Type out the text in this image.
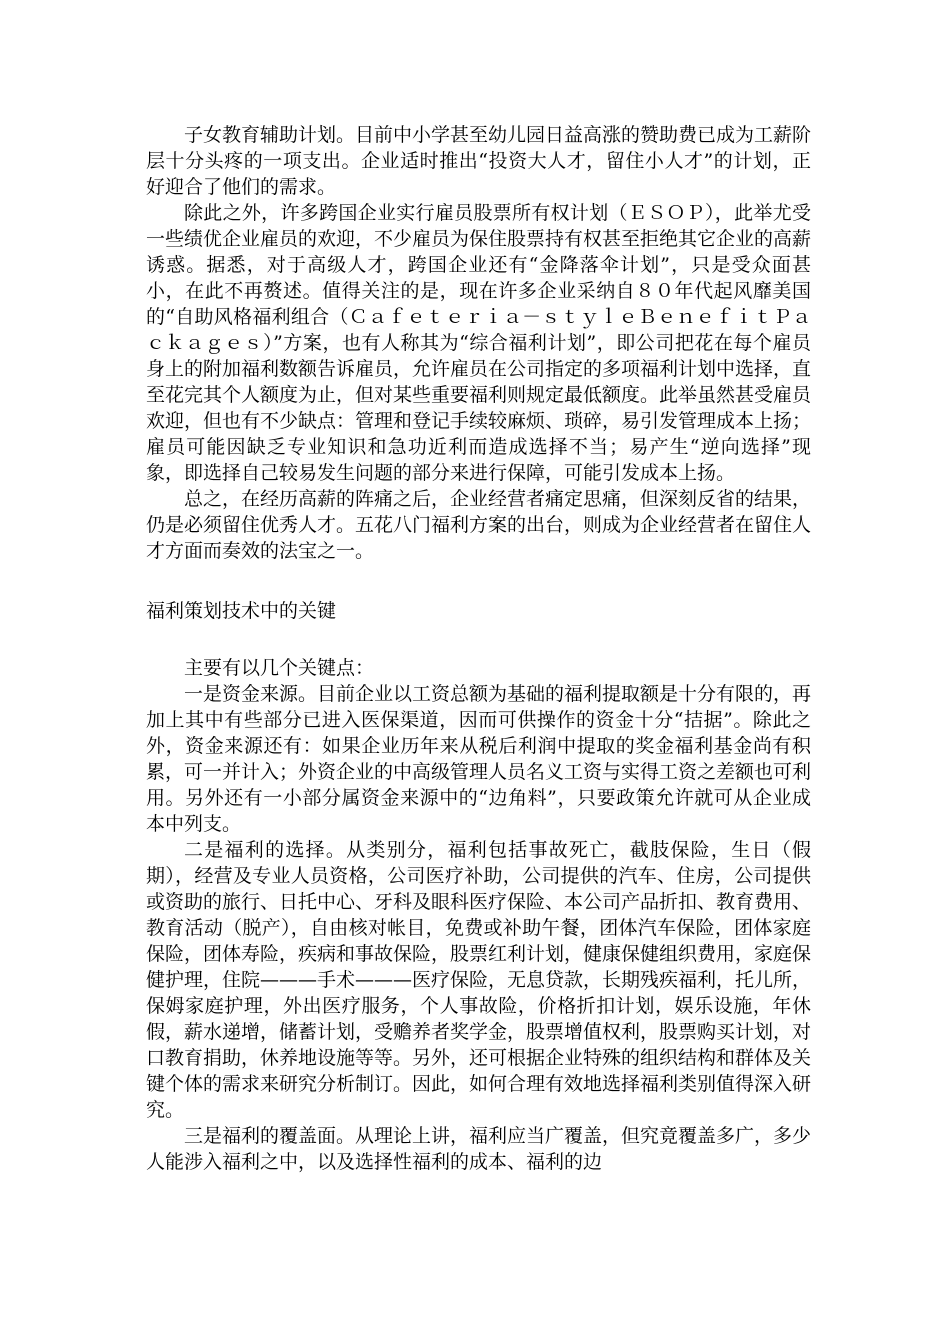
子女教育辅助计划。目前中小学甚至幼儿园日益高涨的赞助费已成为工薪阶层十分头疼的一项支出。企业适时推出“投资大人才，留住小人才”的计划，正好迎合了他们的需求。

除此之外，许多跨国企业实行雇员股票所有权计划（ＥＳＯＰ），此举尤受一些绩优企业雇员的欢迎，不少雇员为保住股票持有权甚至拒绝其它企业的高薪诱惑。据悉，对于高级人才，跨国企业还有“金降落伞计划”，只是受众面甚小，在此不再赘述。值得关注的是，现在许多企业采纳自８０年代起风靡美国的“自助风格福利组合（Ｃａｆｅｔｅｒｉａ－ｓｔｙｌｅＢｅｎｅｆｉｔＰａｃｋａｇｅｓ）”方案，也有人称其为“综合福利计划”，即公司把花在每个雇员身上的附加福利数额告诉雇员，允许雇员在公司指定的多项福利计划中选择，直至花完其个人额度为止，但对某些重要福利则规定最低额度。此举虽然甚受雇员欢迎，但也有不少缺点：管理和登记手续较麻烦、琐碎，易引发管理成本上扬；雇员可能因缺乏专业知识和急功近利而造成选择不当；易产生“逆向选择”现象，即选择自己较易发生问题的部分来进行保障，可能引发成本上扬。

总之，在经历高薪的阵痛之后，企业经营者痛定思痛，但深刻反省的结果，仍是必须留住优秀人才。五花八门福利方案的出台，则成为企业经营者在留住人才方面而奏效的法宝之一。

福利策划技术中的关键

主要有以几个关键点：

一是资金来源。目前企业以工资总额为基础的福利提取额是十分有限的，再加上其中有些部分已进入医保渠道，因而可供操作的资金十分“拮据”。除此之外，资金来源还有：如果企业历年来从税后利润中提取的奖金福利基金尚有积累，可一并计入；外资企业的中高级管理人员名义工资与实得工资之差额也可利用。另外还有一小部分属资金来源中的“边角料”，只要政策允许就可从企业成本中列支。

二是福利的选择。从类别分，福利包括事故死亡，截肢保险，生日（假期），经营及专业人员资格，公司医疗补助，公司提供的汽车、住房，公司提供或资助的旅行、日托中心、牙科及眼科医疗保险、本公司产品折扣、教育费用、教育活动（脱产），自由核对帐目，免费或补助午餐，团体汽车保险，团体家庭保险，团体寿险，疾病和事故保险，股票红利计划，健康保健组织费用，家庭保健护理，住院———手术———医疗保险，无息贷款，长期残疾福利，托儿所，保姆家庭护理，外出医疗服务，个人事故险，价格折扣计划，娱乐设施，年休假，薪水递增，储蓄计划，受赡养者奖学金，股票增值权利，股票购买计划，对口教育捐助，休养地设施等等。另外，还可根据企业特殊的组织结构和群体及关键个体的需求来研究分析制订。因此，如何合理有效地选择福利类别值得深入研究。

三是福利的覆盖面。从理论上讲，福利应当广覆盖，但究竟覆盖多广，多少人能涉入福利之中，以及选择性福利的成本、福利的边
